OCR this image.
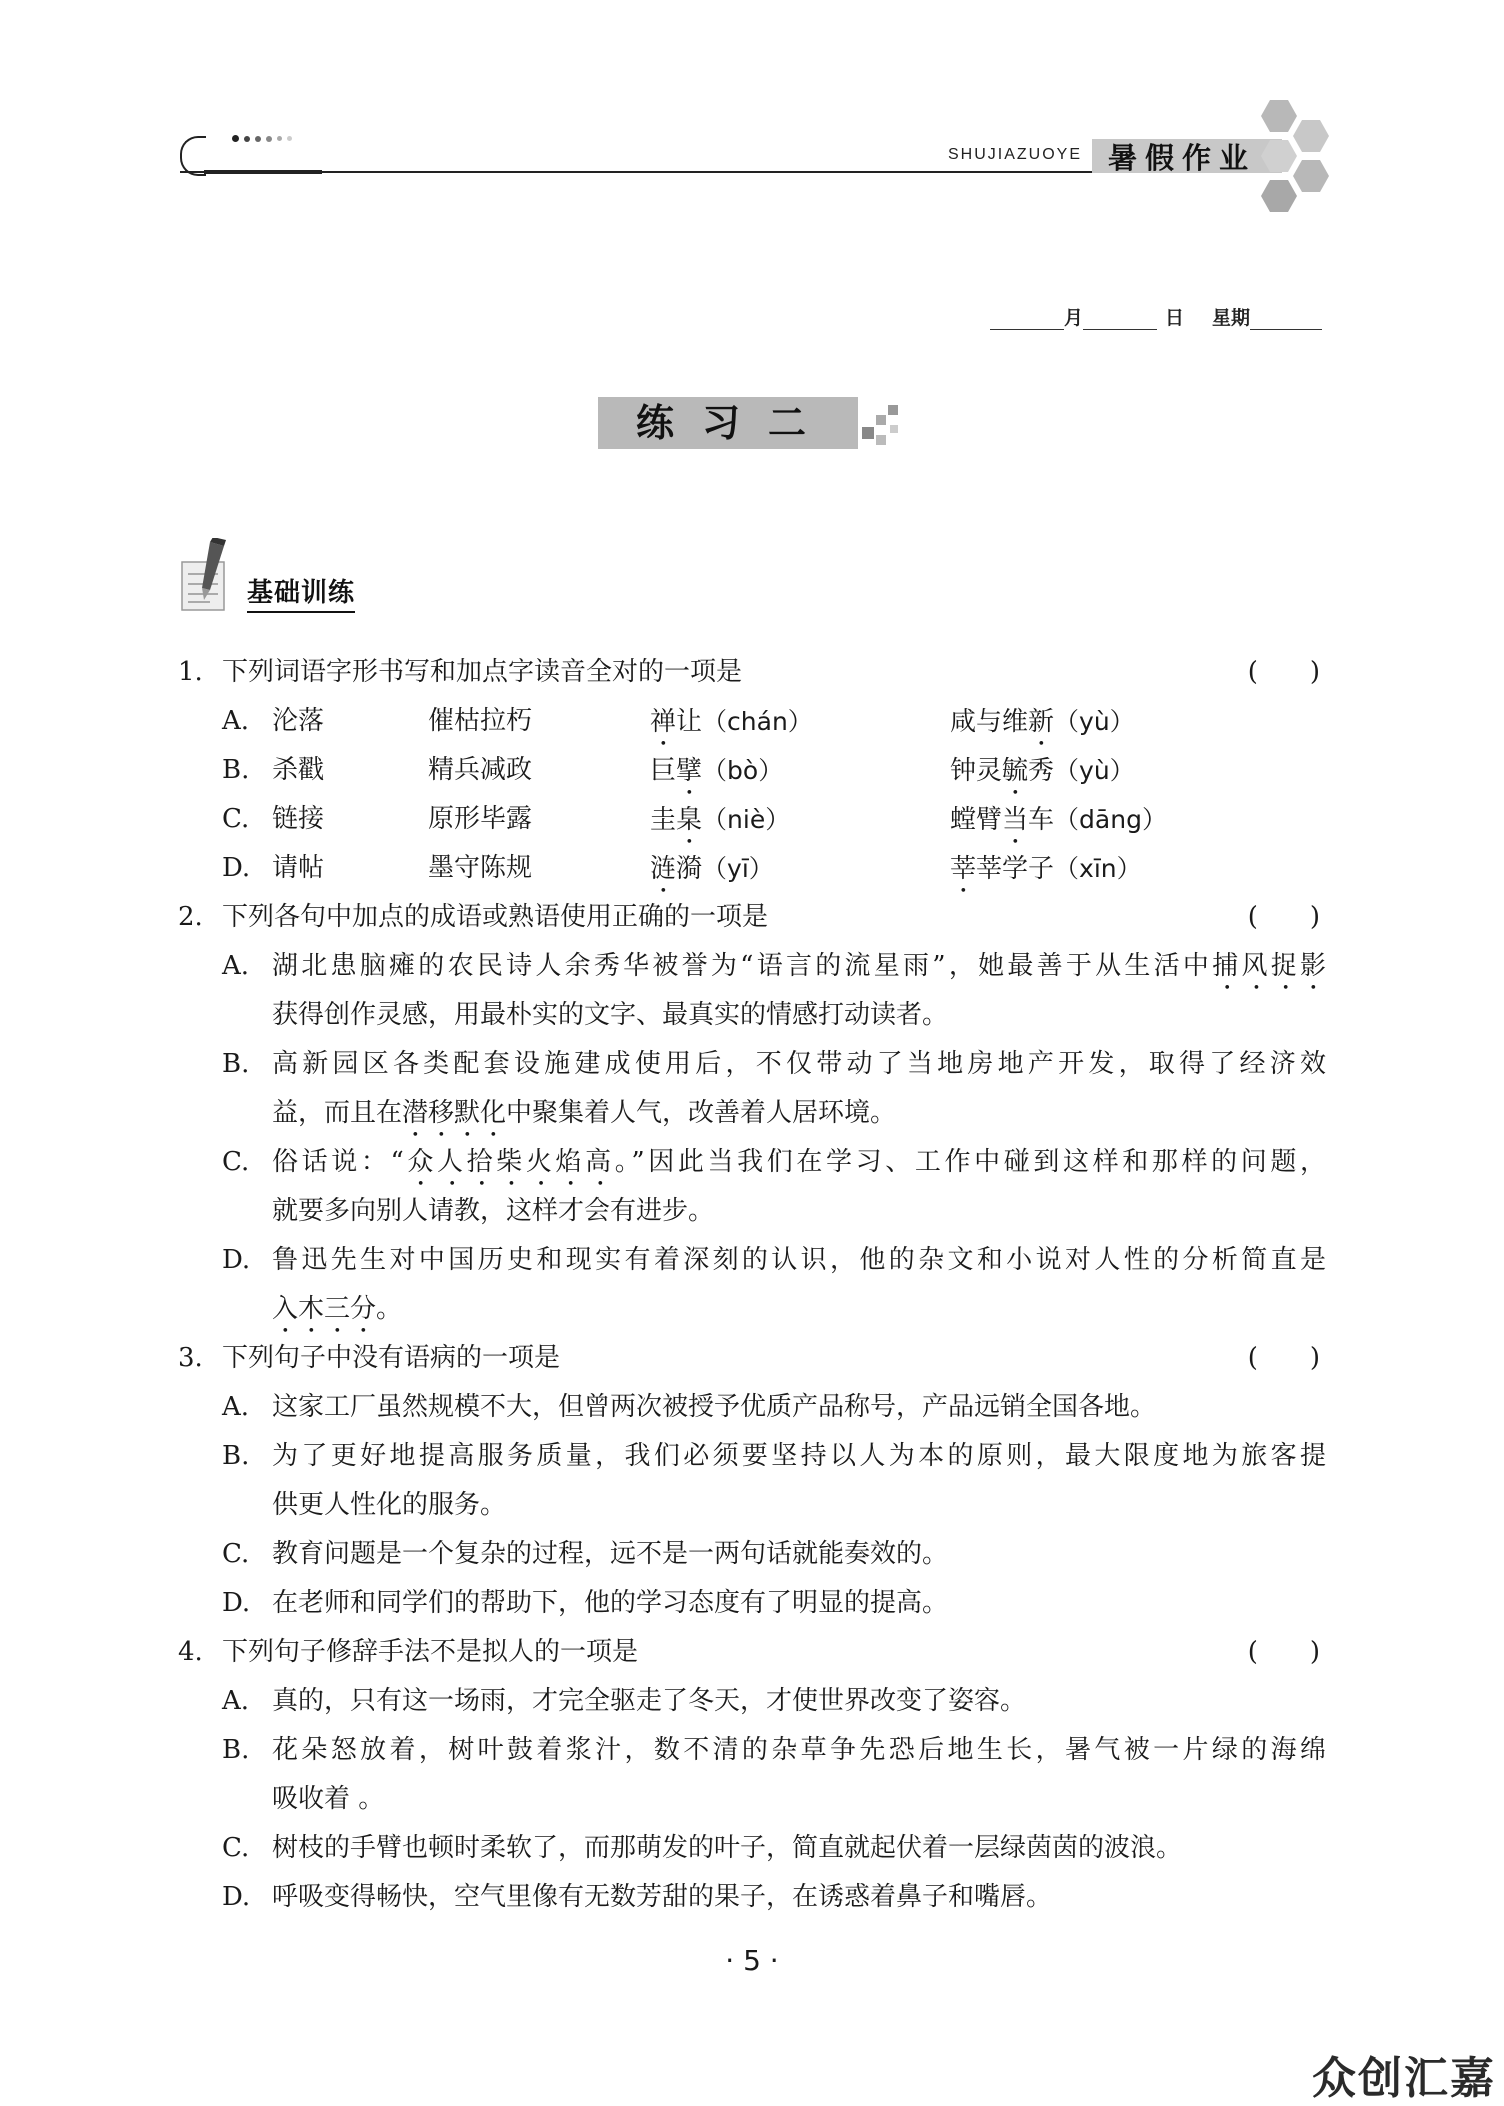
SHUJIAZUOYE 暑假作业
月	日 星期
练习二
基础训练
1. 下列词语字形书写和加点字读音全对的一项是	(　　)
A. 沦落	催枯拉朽	禅让（chán）	咸与维新（yù）
B. 杀戳	精兵减政	巨擘（bò）	钟灵毓秀（yù）
C. 链接	原形毕露	圭臬（niè）	螳臂当车（dāng）
D. 请帖	墨守陈规	涟漪（yī）	莘莘学子（xīn）
2. 下列各句中加点的成语或熟语使用正确的一项是	(　　)
A. 湖北患脑瘫的农民诗人余秀华被誉为“语言的流星雨”，她最善于从生活中捕风捉影
获得创作灵感，用最朴实的文字、最真实的情感打动读者。
B. 高新园区各类配套设施建成使用后，不仅带动了当地房地产开发，取得了经济效
益，而且在潜移默化中聚集着人气，改善着人居环境。
C. 俗话说：“众人拾柴火焰高。”因此当我们在学习、工作中碰到这样和那样的问题，
就要多向别人请教，这样才会有进步。
D. 鲁迅先生对中国历史和现实有着深刻的认识，他的杂文和小说对人性的分析简直是
入木三分。
3. 下列句子中没有语病的一项是	(　　)
A. 这家工厂虽然规模不大，但曾两次被授予优质产品称号，产品远销全国各地。
B. 为了更好地提高服务质量，我们必须要坚持以人为本的原则，最大限度地为旅客提
供更人性化的服务。
C. 教育问题是一个复杂的过程，远不是一两句话就能奏效的。
D. 在老师和同学们的帮助下，他的学习态度有了明显的提高。
4. 下列句子修辞手法不是拟人的一项是	(　　)
A. 真的，只有这一场雨，才完全驱走了冬天，才使世界改变了姿容。
B. 花朵怒放着，树叶鼓着浆汁，数不清的杂草争先恐后地生长，暑气被一片绿的海绵
吸收着 。
C. 树枝的手臂也顿时柔软了，而那萌发的叶子，简直就起伏着一层绿茵茵的波浪。
D. 呼吸变得畅快，空气里像有无数芳甜的果子，在诱惑着鼻子和嘴唇。
· 5 ·
众创汇嘉
